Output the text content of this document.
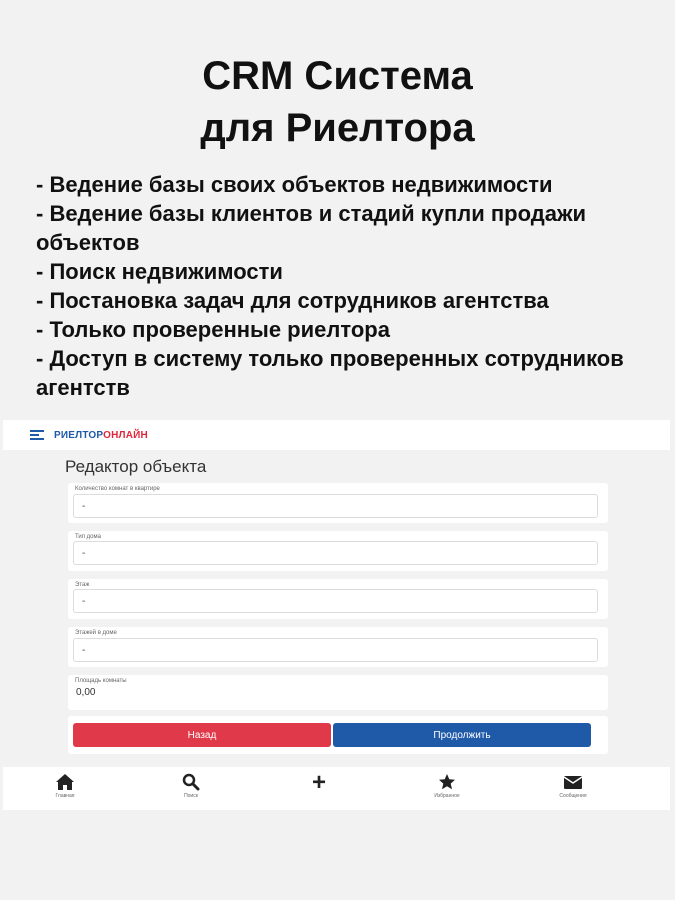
CRM Система
для Риелтора
- Ведение базы своих объектов недвижимости
- Ведение базы клиентов и стадий купли продажи объектов
- Поиск недвижимости
- Постановка задач для сотрудников агентства
- Только проверенные риелтора
- Доступ в систему только проверенных сотрудников агентств
РИЕЛТОРОНЛАЙН
Редактор объекта
Количество комнат в квартире
-
Тип дома
-
Этаж
-
Этажей в доме
-
Площадь комнаты
0,00
Назад	Продолжить
Главная	Поиск	+	Избранное	Сообщения
